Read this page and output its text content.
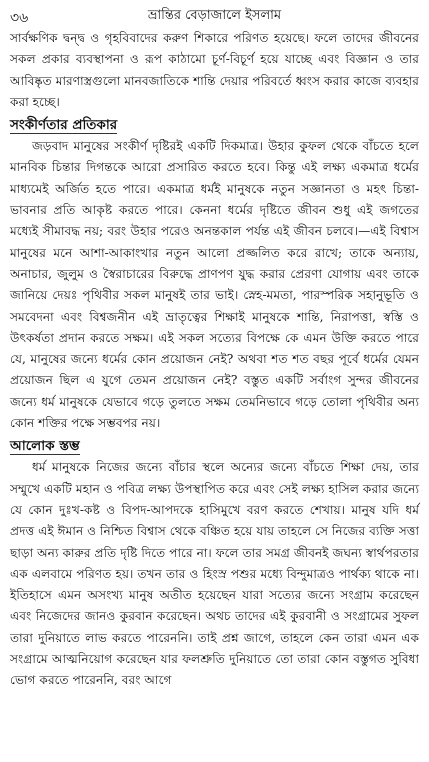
৩৬	ভ্রান্তির বেড়াজালে ইসলাম

সার্বক্ষণিক দ্বন্দ্ব ও গৃহবিবাদের করুণ শিকারে পরিণত হয়েছে। ফলে তাদের জীবনের সকল প্রকার ব্যবস্থাপনা ও রূপ কাঠামো চূর্ণ-বিচূর্ণ হয়ে যাচ্ছে এবং বিজ্ঞান ও তার আবিষ্কৃত মারণাস্ত্রগুলো মানবজাতিকে শান্তি দেয়ার পরিবর্তে ধ্বংস করার কাজে ব্যবহার করা হচ্ছে।

সংকীর্ণতার প্রতিকার

জড়বাদ মানুষের সংকীর্ণ দৃষ্টিরই একটি দিকমাত্র। উহার কুফল থেকে বাঁচতে হলে মানবিক চিন্তার দিগন্তকে আরো প্রসারিত করতে হবে। কিন্তু এই লক্ষ্য একমাত্র ধর্মের মাধ্যমেই অর্জিত হতে পারে। একমাত্র ধর্মই মানুষকে নতুন সজ্ঞানতা ও মহৎ চিন্তা-ভাবনার প্রতি আকৃষ্ট করতে পারে। কেননা ধর্মের দৃষ্টিতে জীবন শুধু এই জগতের মধ্যেই সীমাবদ্ধ নয়; বরং উহার পরেও অনন্তকাল পর্যন্ত এই জীবন চলবে।—এই বিশ্বাস মানুষের মনে আশা-আকাংখার নতুন আলো প্রজ্জলিত করে রাখে; তাকে অন্যায়, অনাচার, জুলুম ও স্বৈরাচারের বিরুদ্ধে প্রাণপণ যুদ্ধ করার প্রেরণা যোগায় এবং তাকে জানিয়ে দেয়ঃ পৃথিবীর সকল মানুষই তার ভাই। স্নেহ-মমতা, পারস্পরিক সহানুভূতি ও সমবেদনা এবং বিশ্বজনীন এই ভ্রাতৃত্বের শিক্ষাই মানুষকে শান্তি, নিরাপত্তা, স্বস্তি ও উৎকর্ষতা প্রদান করতে সক্ষম। এই সকল সত্যের বিপক্ষে কে এমন উক্তি করতে পারে যে, মানুষের জন্যে ধর্মের কোন প্রয়োজন নেই? অথবা শত শত বছর পূর্বে ধর্মের যেমন প্রয়োজন ছিল এ যুগে তেমন প্রয়োজন নেই? বস্তুত একটি সর্বাংগ সুন্দর জীবনের জন্যে ধর্ম মানুষকে যেভাবে গড়ে তুলতে সক্ষম তেমনিভাবে গড়ে তোলা পৃথিবীর অন্য কোন শক্তির পক্ষে সম্ভবপর নয়।

আলোক স্তম্ভ

ধর্ম মানুষকে নিজের জন্যে বাঁচার স্থলে অন্যের জন্যে বাঁচতে শিক্ষা দেয়, তার সম্মুখে একটি মহান ও পবিত্র লক্ষ্য উপস্থাপিত করে এবং সেই লক্ষ্য হাসিল করার জন্যে যে কোন দুঃখ-কষ্ট ও বিপদ-আপদকে হাসিমুখে বরণ করতে শেখায়। মানুষ যদি ধর্ম প্রদত্ত এই ঈমান ও নিশ্চিত বিশ্বাস থেকে বঞ্চিত হয়ে যায় তাহলে সে নিজের ব্যক্তি সত্তা ছাড়া অন্য কারুর প্রতি দৃষ্টি দিতে পারে না। ফলে তার সমগ্র জীবনই জঘন্য স্বার্থপরতার এক এলবামে পরিণত হয়। তখন তার ও হিংস্র পশুর মধ্যে বিন্দুমাত্রও পার্থক্য থাকে না। ইতিহাসে এমন অসংখ্য মানুষ অতীত হয়েছেন যারা সত্যের জন্যে সংগ্রাম করেছেন এবং নিজেদের জানও কুরবান করেছেন। অথচ তাদের এই কুরবানী ও সংগ্রামের সুফল তারা দুনিয়াতে লাভ করতে পারেননি। তাই প্রশ্ন জাগে, তাহলে কেন তারা এমন এক সংগ্রামে আত্মনিয়োগ করেছেন যার ফলশ্রুতি দুনিয়াতে তো তারা কোন বস্তুগত সুবিধা ভোগ করতে পারেননি, বরং আগে
